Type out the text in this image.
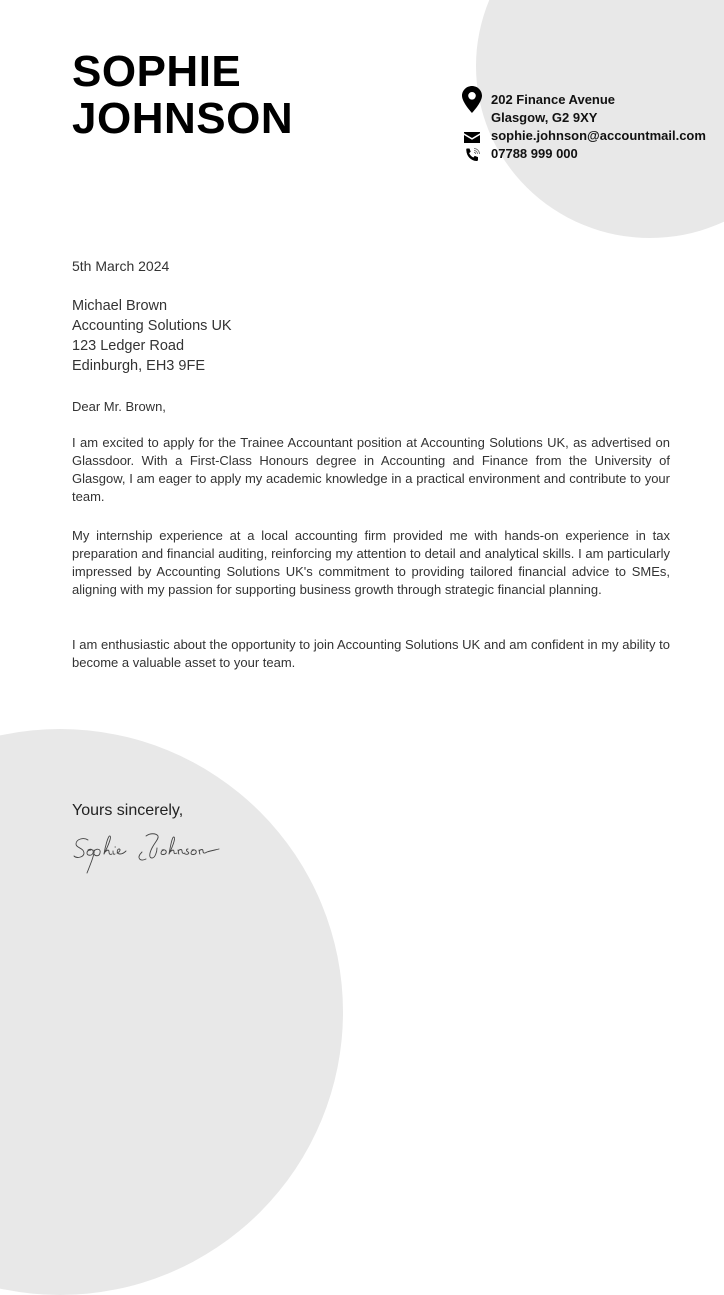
SOPHIE
JOHNSON	202 Finance Avenue
Glasgow, G2 9XY
sophie.johnson@accountmail.com
07788 999 000
5th March 2024
Michael Brown
Accounting Solutions UK
123 Ledger Road
Edinburgh, EH3 9FE
Dear Mr. Brown,
I am excited to apply for the Trainee Accountant position at Accounting Solutions UK, as advertised on Glassdoor. With a First-Class Honours degree in Accounting and Finance from the University of Glasgow, I am eager to apply my academic knowledge in a practical environment and contribute to your team.
My internship experience at a local accounting firm provided me with hands-on experience in tax preparation and financial auditing, reinforcing my attention to detail and analytical skills. I am particularly impressed by Accounting Solutions UK's commitment to providing tailored financial advice to SMEs, aligning with my passion for supporting business growth through strategic financial planning.
I am enthusiastic about the opportunity to join Accounting Solutions UK and am confident in my ability to become a valuable asset to your team.
Yours sincerely,
